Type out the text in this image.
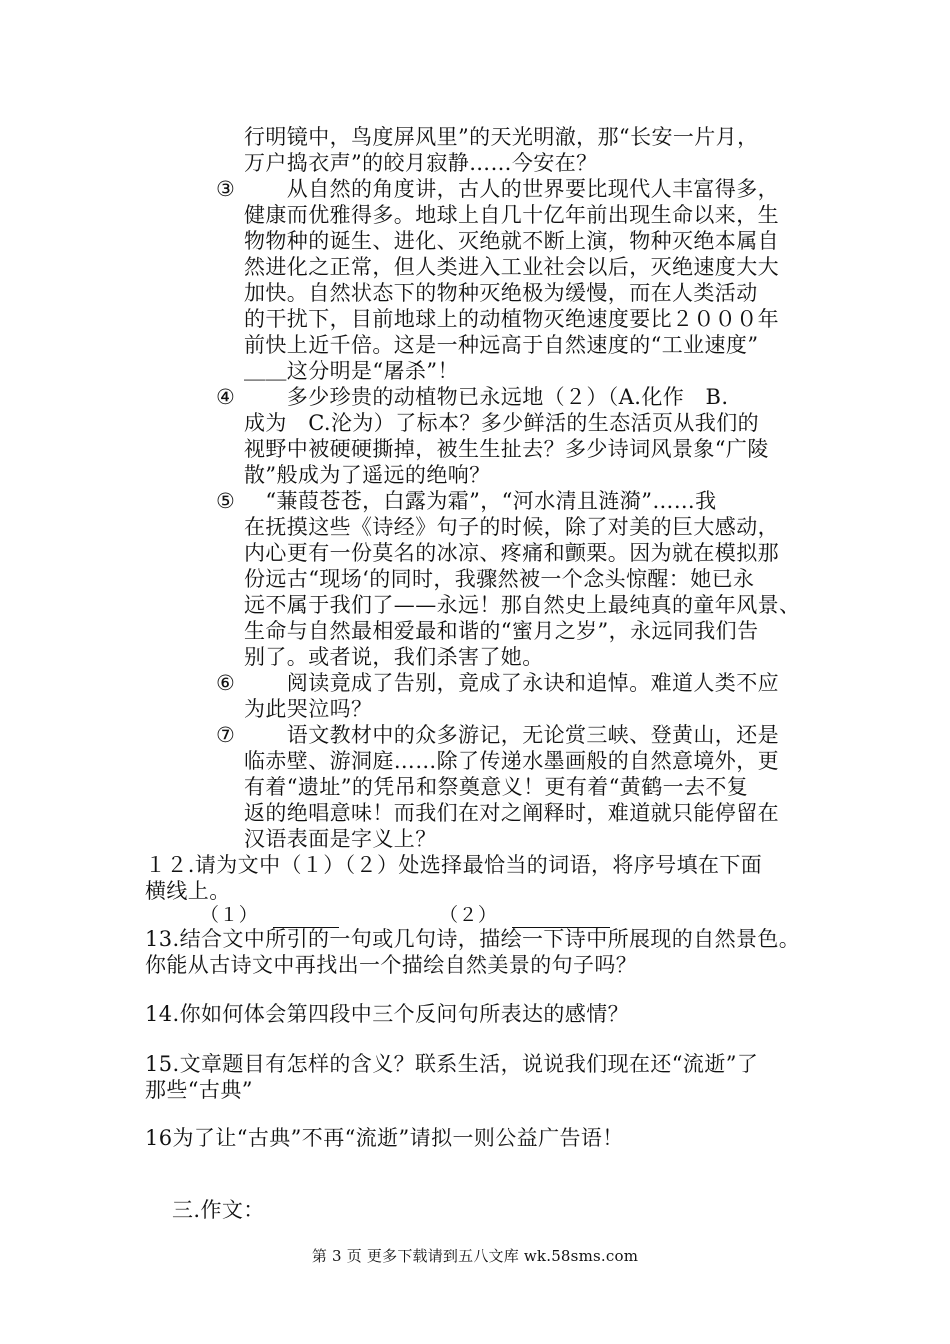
行明镜中，鸟度屏风里”的天光明澈，那“长安一片月，
万户捣衣声”的皎月寂静……今安在？
③ 　　从自然的角度讲，古人的世界要比现代人丰富得多，
健康而优雅得多。地球上自几十亿年前出现生命以来，生
物物种的诞生、进化、灭绝就不断上演，物种灭绝本属自
然进化之正常，但人类进入工业社会以后，灭绝速度大大
加快。自然状态下的物种灭绝极为缓慢，而在人类活动
的干扰下，目前地球上的动植物灭绝速度要比２０００年
前快上近千倍。这是一种远高于自然速度的“工业速度”
＿＿这分明是“屠杀”！
④ 　　多少珍贵的动植物已永远地（２）（A.化作　B.
成为　C.沦为）了标本？多少鲜活的生态活页从我们的
视野中被硬硬撕掉，被生生扯去？多少诗词风景象“广陵
散”般成为了遥远的绝响？
⑤ 　“蒹葭苍苍，白露为霜”，“河水清且涟漪”……我
在抚摸这些《诗经》句子的时候，除了对美的巨大感动，
内心更有一份莫名的冰凉、疼痛和颤栗。因为就在模拟那
份远古“现场‘的同时，我骤然被一个念头惊醒：她已永
远不属于我们了——永远！那自然史上最纯真的童年风景、
生命与自然最相爱最和谐的“蜜月之岁”，永远同我们告
别了。或者说，我们杀害了她。
⑥ 　　阅读竟成了告别，竟成了永诀和追悼。难道人类不应
为此哭泣吗？
⑦ 　　语文教材中的众多游记，无论赏三峡、登黄山，还是
临赤壁、游洞庭……除了传递水墨画般的自然意境外，更
有着“遗址”的凭吊和祭奠意义！更有着“黄鹤一去不复
返的绝唱意味！而我们在对之阐释时，难道就只能停留在
汉语表面是字义上？
１２.请为文中（１）（２）处选择最恰当的词语，将序号填在下面
横线上。
（１）	（２）
13.结合文中所引的一句或几句诗，描绘一下诗中所展现的自然景色。
你能从古诗文中再找出一个描绘自然美景的句子吗？
14.你如何体会第四段中三个反问句所表达的感情？
15.文章题目有怎样的含义？联系生活，说说我们现在还“流逝”了
那些“古典”
16为了让“古典”不再“流逝”请拟一则公益广告语！
三.作文：
第 3 页 更多下载请到五八文库 wk.58sms.com
